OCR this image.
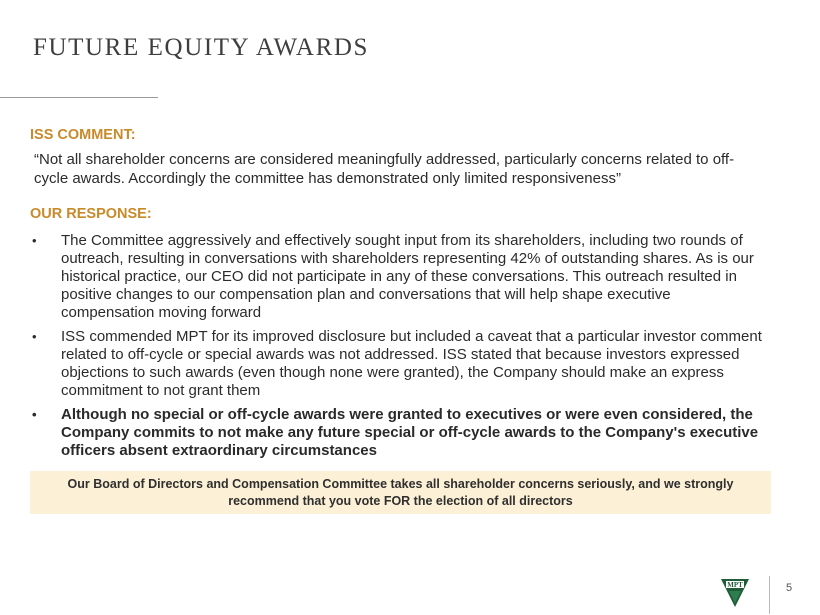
FUTURE EQUITY AWARDS
ISS COMMENT:
“Not all shareholder concerns are considered meaningfully addressed, particularly concerns related to off-cycle awards. Accordingly the committee has demonstrated only limited responsiveness”
OUR RESPONSE:
• The Committee aggressively and effectively sought input from its shareholders, including two rounds of outreach, resulting in conversations with shareholders representing 42% of outstanding shares. As is our historical practice, our CEO did not participate in any of these conversations. This outreach resulted in positive changes to our compensation plan and conversations that will help shape executive compensation moving forward
• ISS commended MPT for its improved disclosure but included a caveat that a particular investor comment related to off-cycle or special awards was not addressed. ISS stated that because investors expressed objections to such awards (even though none were granted), the Company should make an express commitment to not grant them
• Although no special or off-cycle awards were granted to executives or were even considered, the Company commits to not make any future special or off-cycle awards to the Company's executive officers absent extraordinary circumstances
Our Board of Directors and Compensation Committee takes all shareholder concerns seriously, and we strongly recommend that you vote FOR the election of all directors
MPT	5
